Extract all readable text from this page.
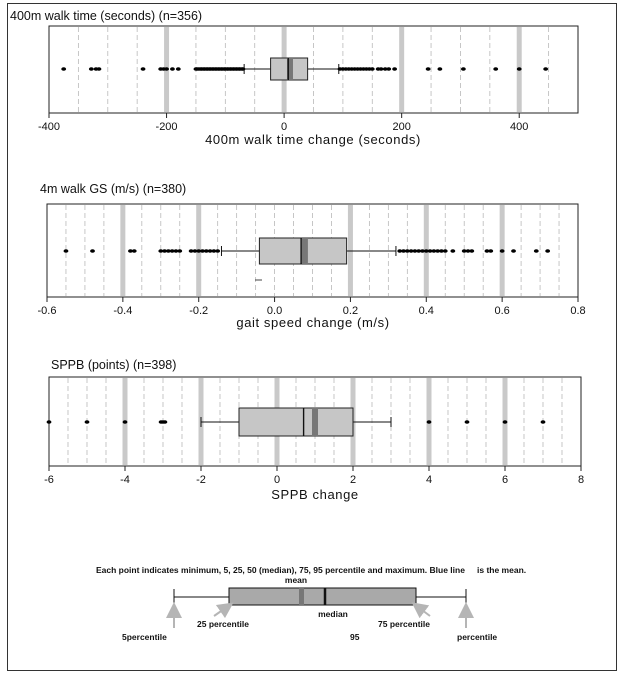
400m walk time (seconds) (n=356)
-400	-200	0	200	400
400m walk time change (seconds)
4m walk GS (m/s) (n=380)
-0.6	-0.4	-0.2	0.0	0.2	0.4	0.6	0.8
gait speed change (m/s)
SPPB (points) (n=398)
-6	-4	-2	0	2	4	6	8
SPPB change
Each point indicates minimum, 5, 25, 50 (median), 75, 95 percentile and maximum. Blue line is the mean.
mean
median
5percentile
25 percentile
95
75 percentile
percentile
